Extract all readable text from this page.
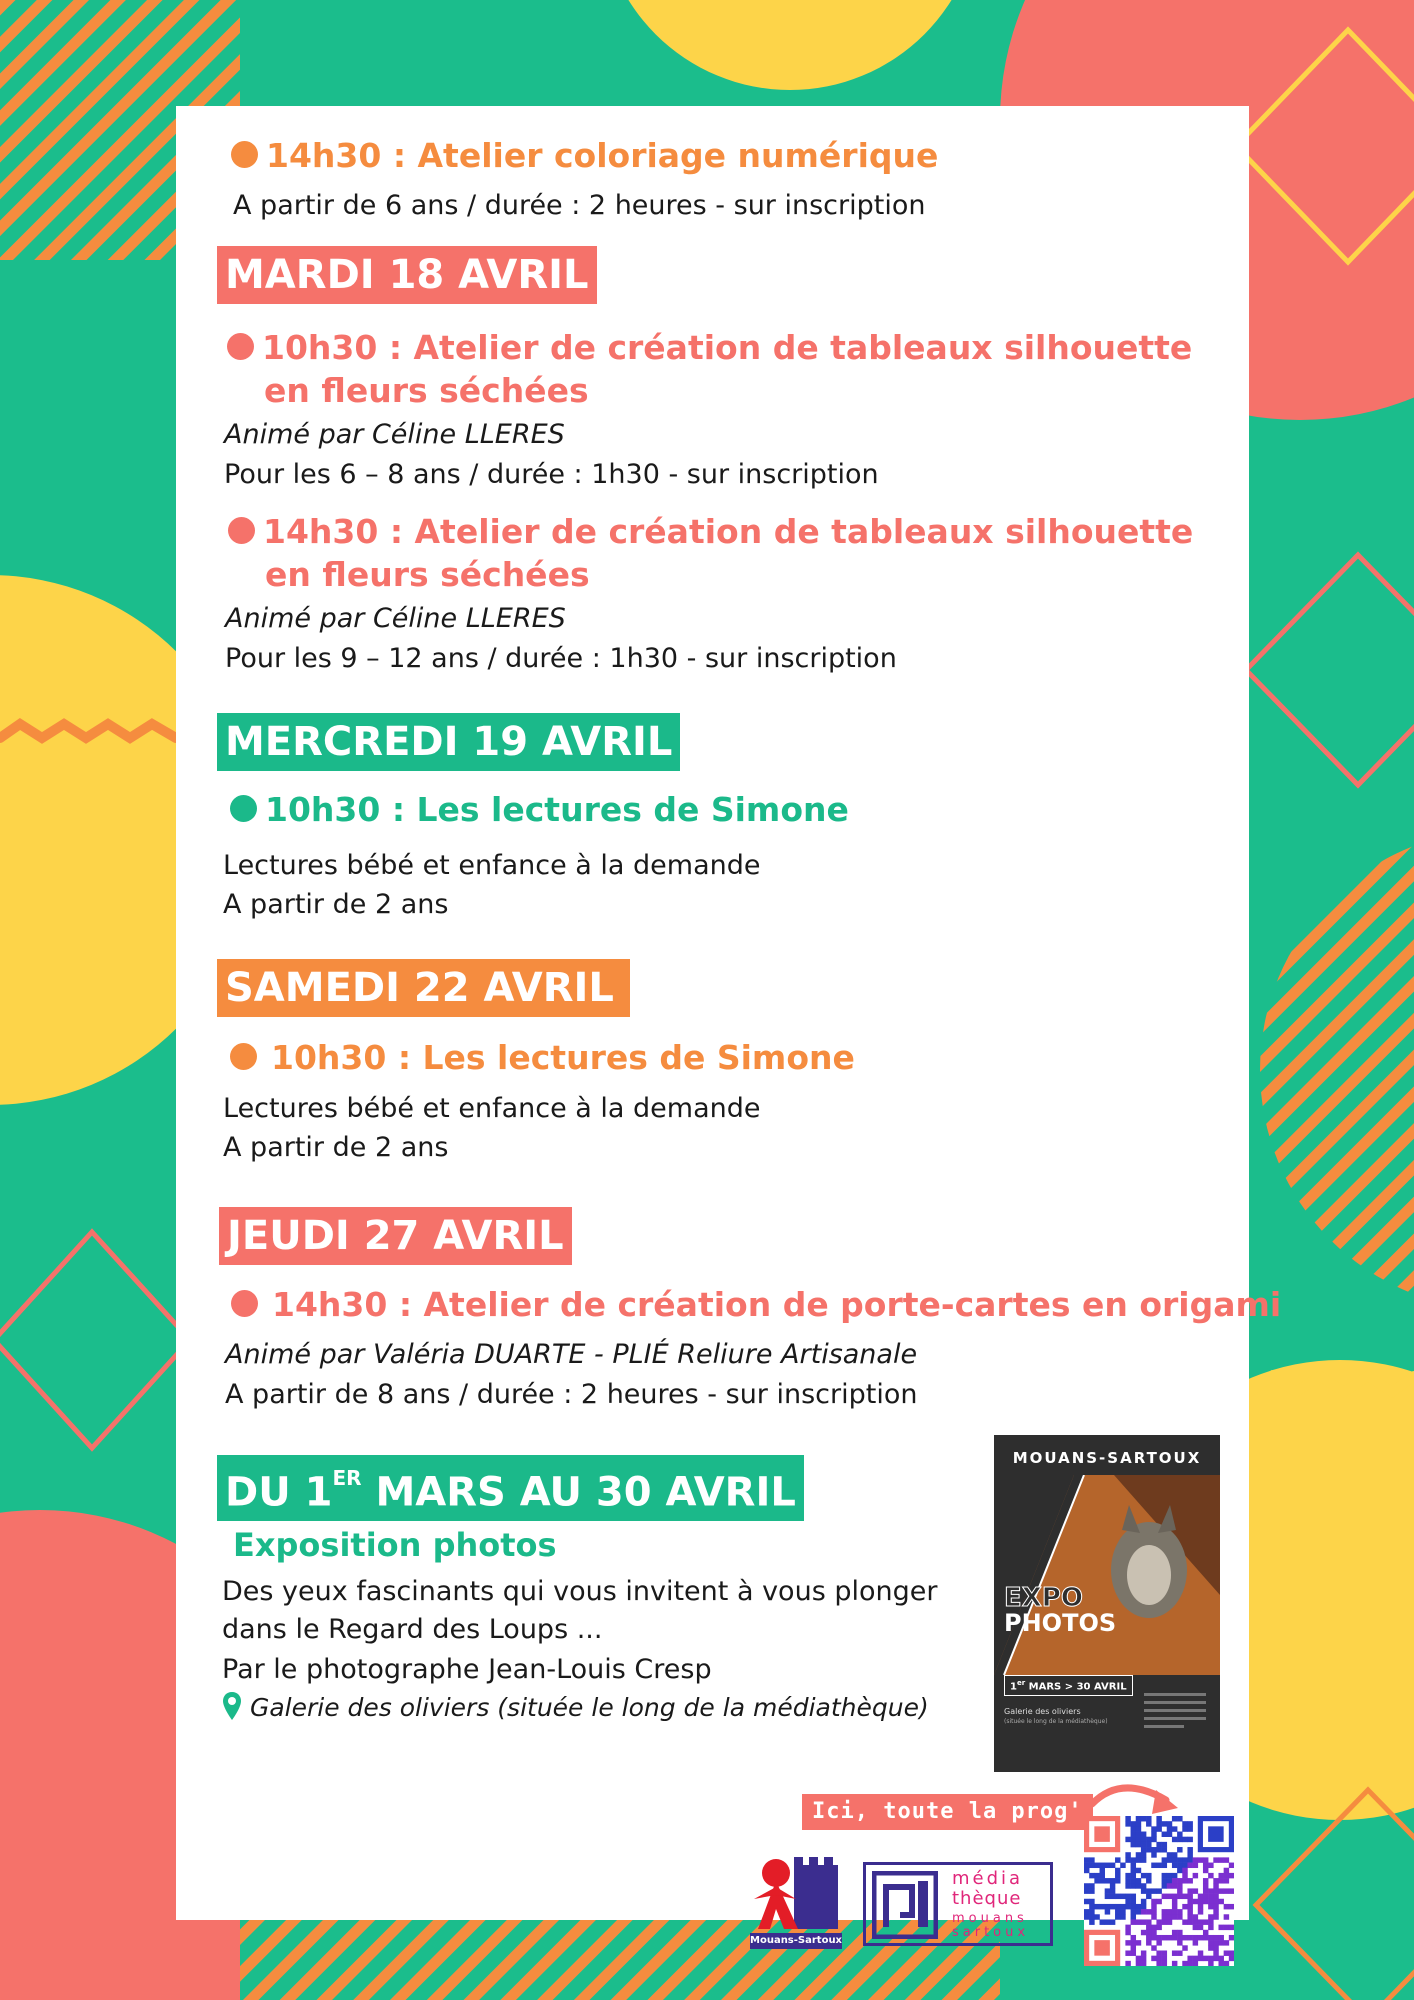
14h30 : Atelier coloriage numérique
A partir de 6 ans / durée : 2 heures - sur inscription
MARDI 18 AVRIL
10h30 : Atelier de création de tableaux silhouette
en fleurs séchées
Animé par Céline LLERES
Pour les 6 – 8 ans / durée : 1h30 - sur inscription
14h30 : Atelier de création de tableaux silhouette
en fleurs séchées
Animé par Céline LLERES
Pour les 9 – 12 ans / durée : 1h30 - sur inscription
MERCREDI 19 AVRIL
10h30 : Les lectures de Simone
Lectures bébé et enfance à la demande
A partir de 2 ans
SAMEDI 22 AVRIL
10h30 : Les lectures de Simone
Lectures bébé et enfance à la demande
A partir de 2 ans
JEUDI 27 AVRIL
14h30 : Atelier de création de porte-cartes en origami
Animé par Valéria DUARTE - PLIÉ Reliure Artisanale
A partir de 8 ans / durée : 2 heures - sur inscription
DU 1ER MARS AU 30 AVRIL
Exposition photos
Des yeux fascinants qui vous invitent à vous plonger
dans le Regard des Loups ...
Par le photographe Jean-Louis Cresp
Galerie des oliviers (située le long de la médiathèque)
MOUANS-SARTOUX
EXPO
PHOTOS
1er MARS > 30 AVRIL
Galerie des oliviers
(située le long de la médiathèque)
Ici, toute la prog'
Mouans-Sartoux
média
thèque
mouans
sartoux
